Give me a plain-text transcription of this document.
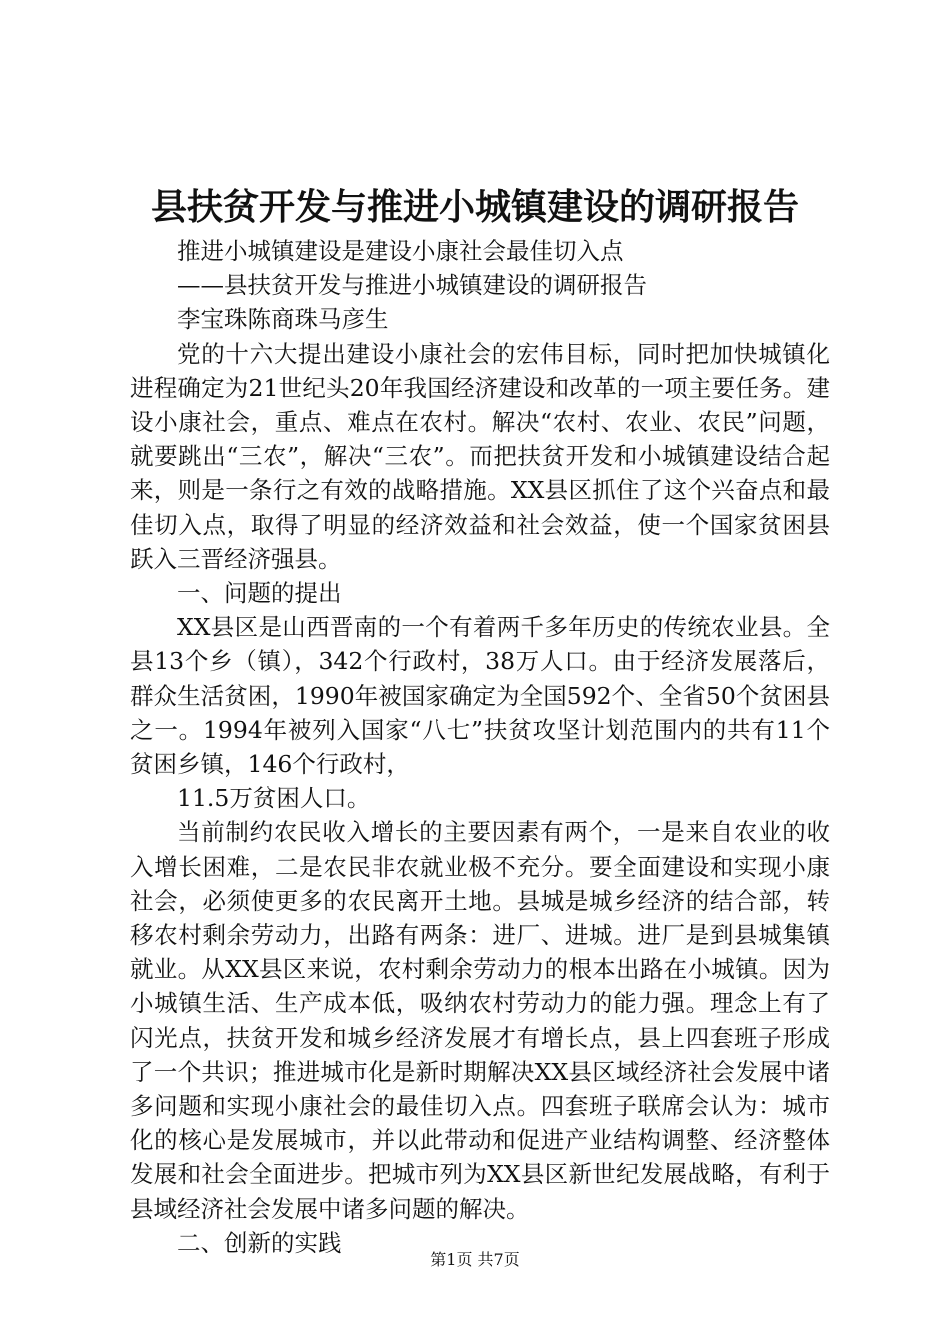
县扶贫开发与推进小城镇建设的调研报告

推进小城镇建设是建设小康社会最佳切入点

——县扶贫开发与推进小城镇建设的调研报告

李宝珠陈商珠马彦生

党的十六大提出建设小康社会的宏伟目标，同时把加快城镇化进程确定为21世纪头20年我国经济建设和改革的一项主要任务。建设小康社会，重点、难点在农村。解决“农村、农业、农民”问题，就要跳出“三农”，解决“三农”。而把扶贫开发和小城镇建设结合起来，则是一条行之有效的战略措施。XX县区抓住了这个兴奋点和最佳切入点，取得了明显的经济效益和社会效益，使一个国家贫困县跃入三晋经济强县。

一、问题的提出

XX县区是山西晋南的一个有着两千多年历史的传统农业县。全县13个乡（镇），342个行政村，38万人口。由于经济发展落后，群众生活贫困，1990年被国家确定为全国592个、全省50个贫困县之一。1994年被列入国家“八七”扶贫攻坚计划范围内的共有11个贫困乡镇，146个行政村，

11.5万贫困人口。

当前制约农民收入增长的主要因素有两个，一是来自农业的收入增长困难，二是农民非农就业极不充分。要全面建设和实现小康社会，必须使更多的农民离开土地。县城是城乡经济的结合部，转移农村剩余劳动力，出路有两条：进厂、进城。进厂是到县城集镇就业。从XX县区来说，农村剩余劳动力的根本出路在小城镇。因为小城镇生活、生产成本低，吸纳农村劳动力的能力强。理念上有了闪光点，扶贫开发和城乡经济发展才有增长点，县上四套班子形成了一个共识；推进城市化是新时期解决XX县区域经济社会发展中诸多问题和实现小康社会的最佳切入点。四套班子联席会认为：城市化的核心是发展城市，并以此带动和促进产业结构调整、经济整体发展和社会全面进步。把城市列为XX县区新世纪发展战略，有利于县域经济社会发展中诸多问题的解决。

二、创新的实践

第1页 共7页
